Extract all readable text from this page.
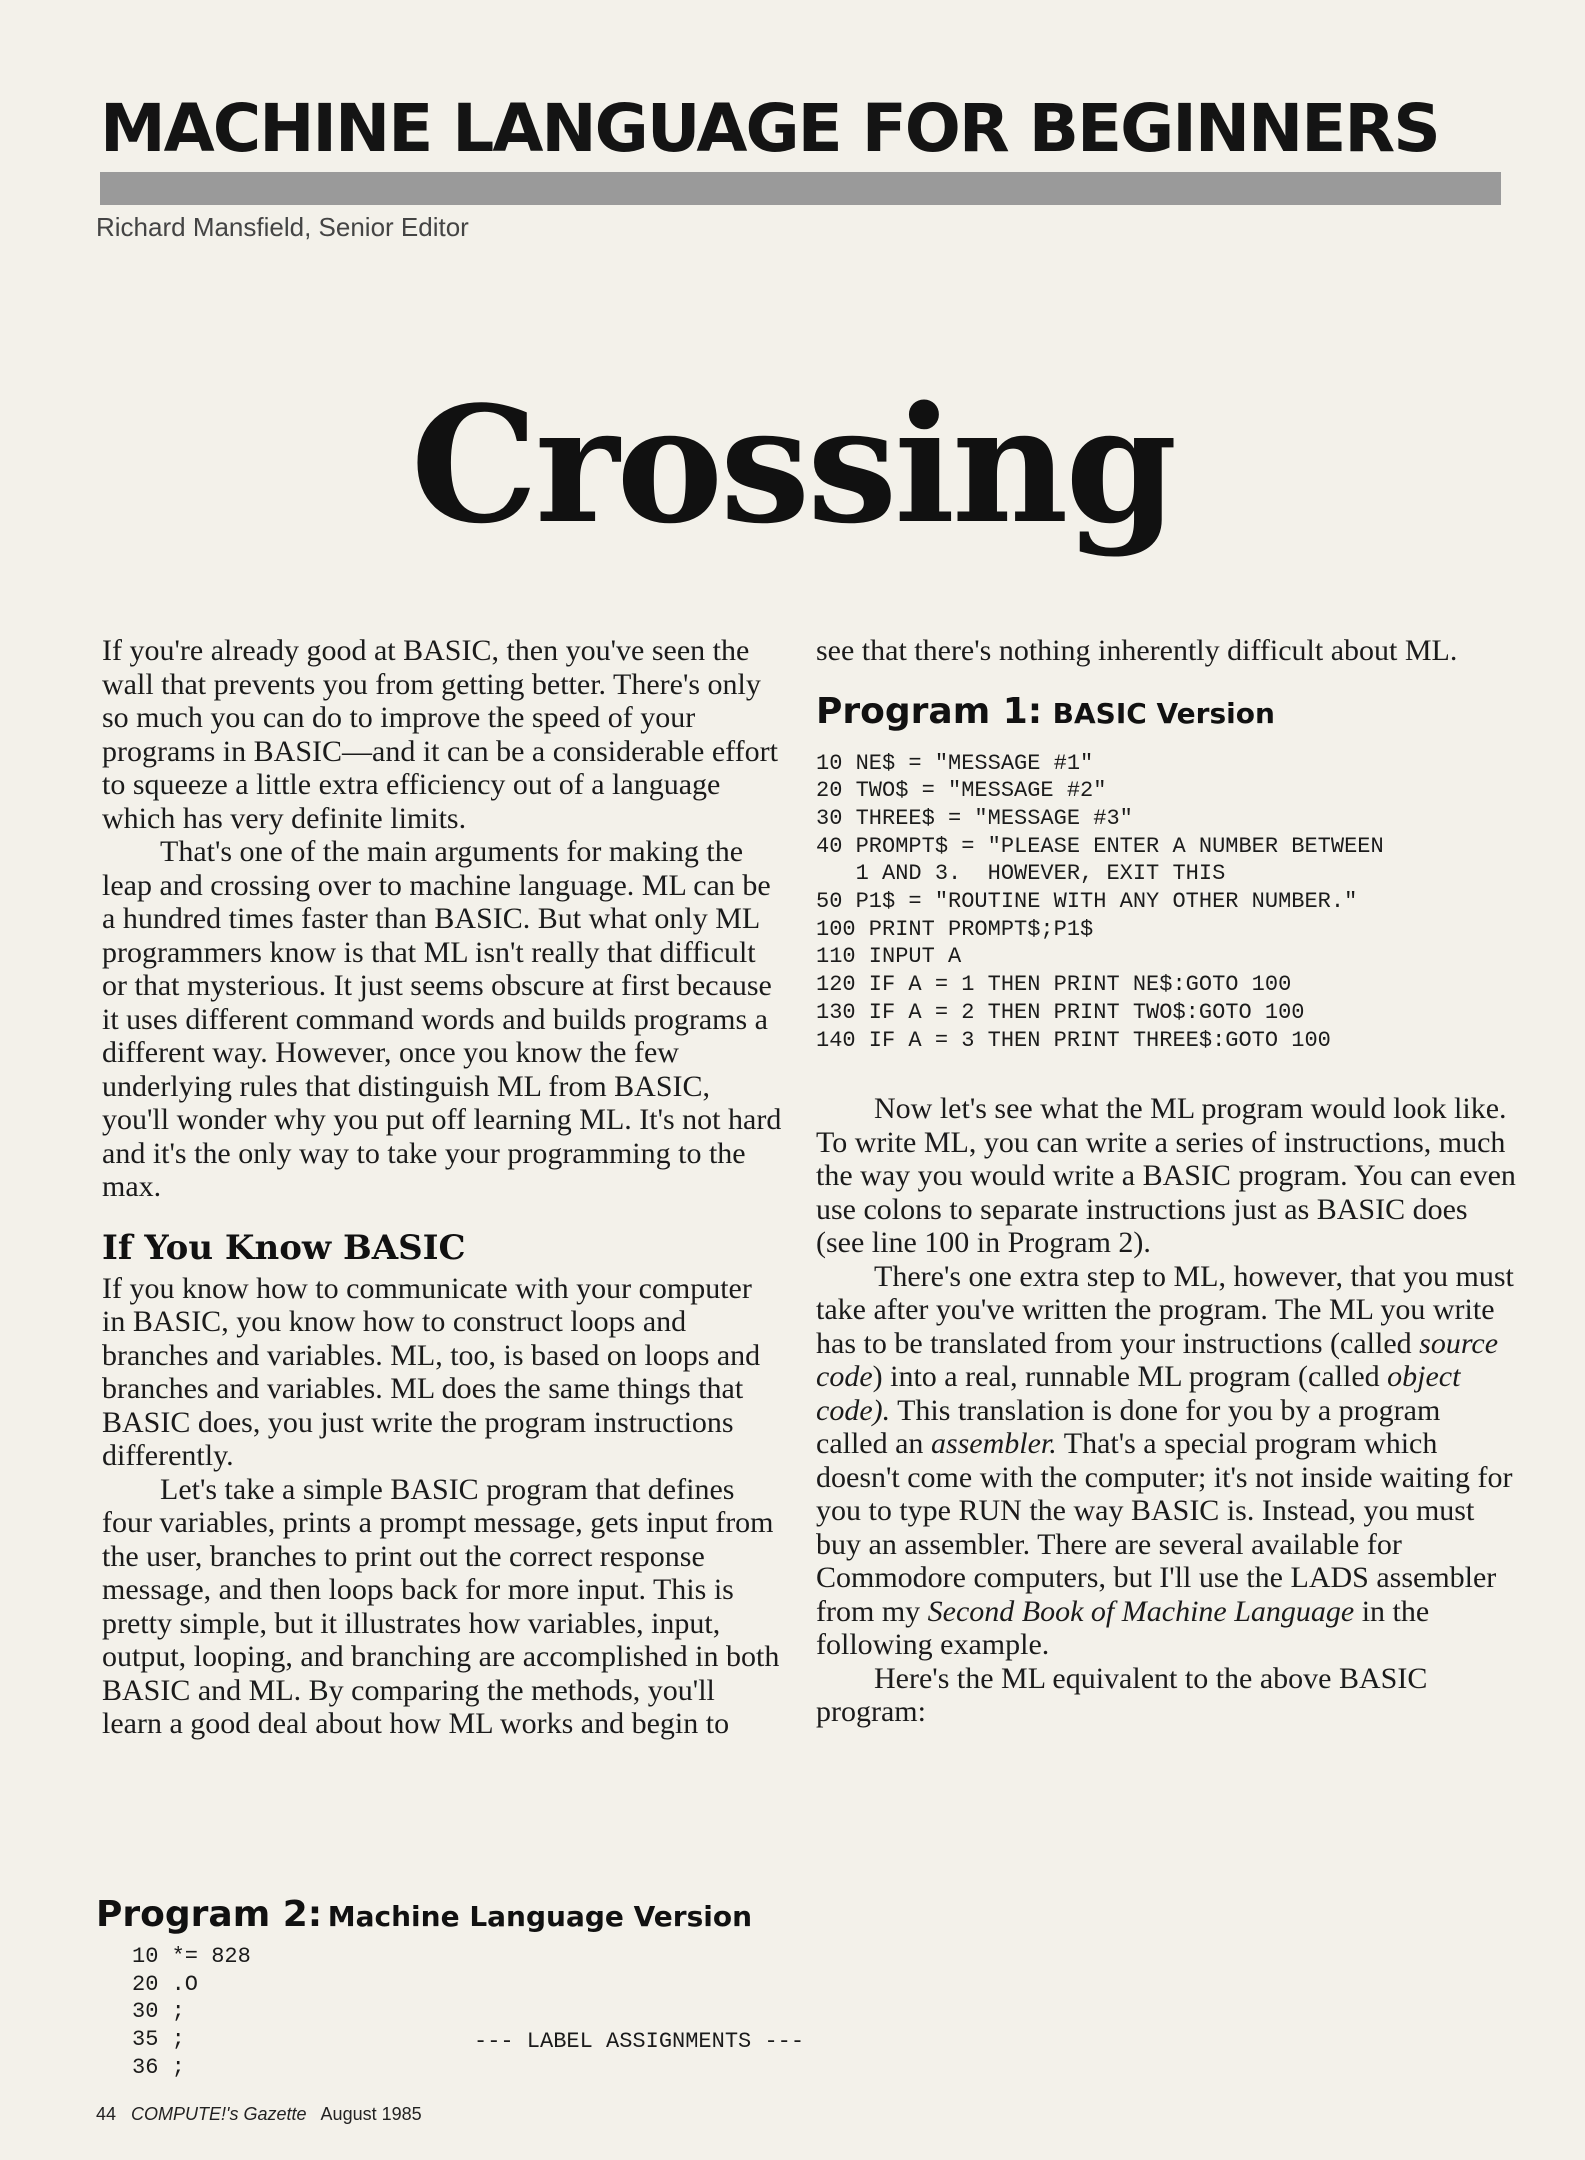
MACHINE LANGUAGE FOR BEGINNERS
Richard Mansfield, Senior Editor
Crossing

If you're already good at BASIC, then you've seen the wall that prevents you from getting better. There's only so much you can do to improve the speed of your programs in BASIC—and it can be a considerable effort to squeeze a little extra efficiency out of a language which has very definite limits.

That's one of the main arguments for making the leap and crossing over to machine language. ML can be a hundred times faster than BASIC. But what only ML programmers know is that ML isn't really that difficult or that mysterious. It just seems obscure at first because it uses different command words and builds programs a different way. However, once you know the few underlying rules that distinguish ML from BASIC, you'll wonder why you put off learning ML. It's not hard and it's the only way to take your programming to the max.

If You Know BASIC

If you know how to communicate with your computer in BASIC, you know how to construct loops and branches and variables. ML, too, is based on loops and branches and variables. ML does the same things that BASIC does, you just write the program instructions differently.

Let's take a simple BASIC program that defines four variables, prints a prompt message, gets input from the user, branches to print out the correct response message, and then loops back for more input. This is pretty simple, but it illustrates how variables, input, output, looping, and branching are accomplished in both BASIC and ML. By comparing the methods, you'll learn a good deal about how ML works and begin to

see that there's nothing inherently difficult about ML.

Program 1: BASIC Version
10 NE$ = "MESSAGE #1"
20 TWO$ = "MESSAGE #2"
30 THREE$ = "MESSAGE #3"
40 PROMPT$ = "PLEASE ENTER A NUMBER BETWEEN
1 AND 3.  HOWEVER, EXIT THIS
50 P1$ = "ROUTINE WITH ANY OTHER NUMBER."
100 PRINT PROMPT$;P1$
110 INPUT A
120 IF A = 1 THEN PRINT NE$:GOTO 100
130 IF A = 2 THEN PRINT TWO$:GOTO 100
140 IF A = 3 THEN PRINT THREE$:GOTO 100

Now let's see what the ML program would look like. To write ML, you can write a series of instructions, much the way you would write a BASIC program. You can even use colons to separate instructions just as BASIC does (see line 100 in Program 2).

There's one extra step to ML, however, that you must take after you've written the program. The ML you write has to be translated from your instructions (called source code) into a real, runnable ML program (called object code). This translation is done for you by a program called an assembler. That's a special program which doesn't come with the computer; it's not inside waiting for you to type RUN the way BASIC is. Instead, you must buy an assembler. There are several available for Commodore computers, but I'll use the LADS assembler from my Second Book of Machine Language in the following example.

Here's the ML equivalent to the above BASIC program:

Program 2: Machine Language Version
10 *= 828
20 .O
30 ;
35 ;
36 ;
--- LABEL ASSIGNMENTS ---
44 COMPUTE!'s Gazette August 1985
